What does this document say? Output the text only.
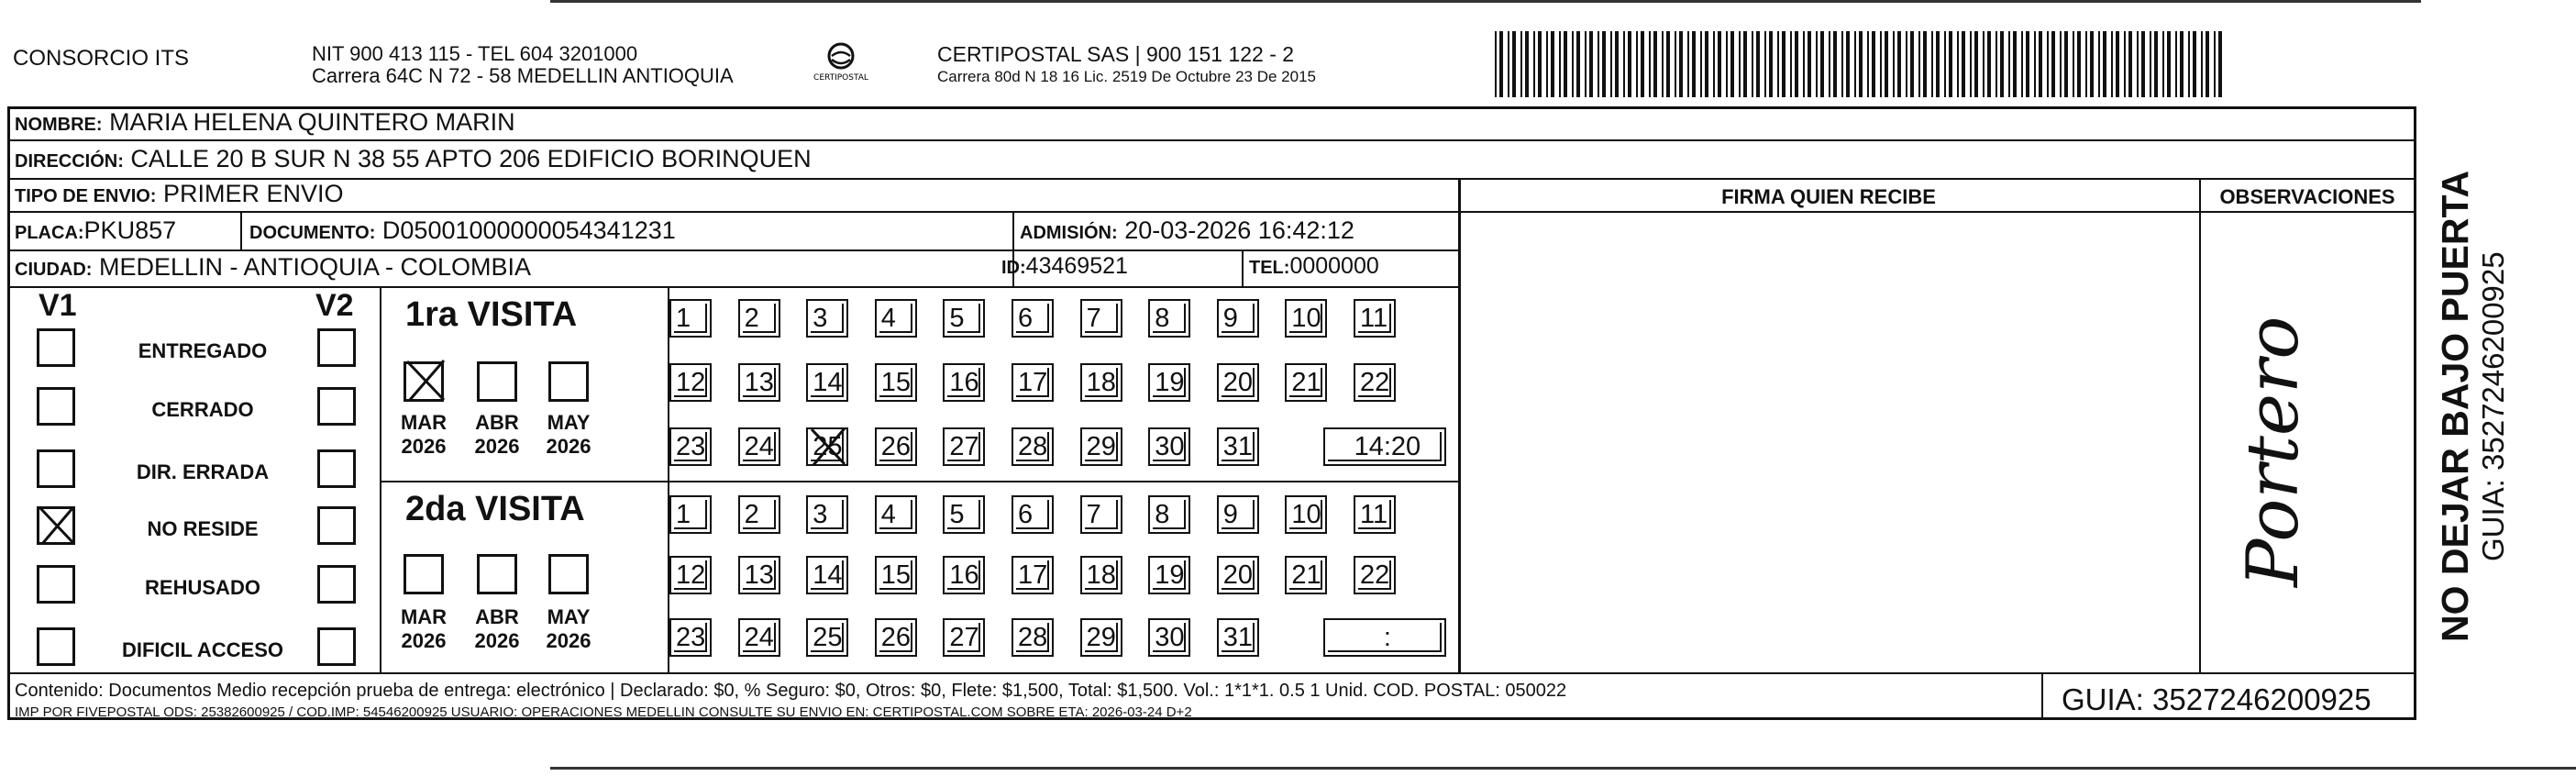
CONSORCIO ITS	NIT 900 413 115 - TEL 604 3201000
Carrera 64C N 72 - 58 MEDELLIN ANTIOQUIA	CERTIPOSTAL
CERTIPOSTAL SAS | 900 151 122 - 2
Carrera 80d N 18 16 Lic. 2519 De Octubre 23 De 2015
NOMBRE: MARIA HELENA QUINTERO MARIN
DIRECCIÓN: CALLE 20 B SUR N 38 55 APTO 206 EDIFICIO BORINQUEN
TIPO DE ENVIO: PRIMER ENVIO
PLACA:PKU857	DOCUMENTO: D05001000000054341231	ADMISIÓN: 20-03-2026 16:42:12
CIUDAD: MEDELLIN - ANTIOQUIA - COLOMBIA	ID:43469521	TEL:0000000
FIRMA QUIEN RECIBE	OBSERVACIONES
Portero
V1	V2
ENTREGADO
CERRADO
DIR. ERRADA
NO RESIDE
REHUSADO
DIFICIL ACCESO
1ra VISITA
MAR
2026
ABR
2026
MAY
2026
1	2	3	4	5	6	7	8	9	10 11
12 13 14 15 16 17 18 19 20 21 22
23 24 25 26 27 28 29 30 31	14:20
2da VISITA
MAR
2026
ABR
2026
MAY
2026
1	2	3	4	5	6	7	8	9	10 11
12 13 14 15 16 17 18 19 20 21 22
23 24 25 26 27 28 29 30 31	:
Contenido: Documentos Medio recepción prueba de entrega: electrónico | Declarado: $0, % Seguro: $0, Otros: $0, Flete: $1,500, Total: $1,500. Vol.: 1*1*1. 0.5 1 Unid. COD. POSTAL: 050022
IMP POR FIVEPOSTAL ODS: 25382600925 / COD.IMP: 54546200925 USUARIO: OPERACIONES MEDELLIN CONSULTE SU ENVIO EN: CERTIPOSTAL.COM SOBRE ETA: 2026-03-24 D+2	GUIA: 3527246200925
NO DEJAR BAJO PUERTA GUIA: 3527246200925
